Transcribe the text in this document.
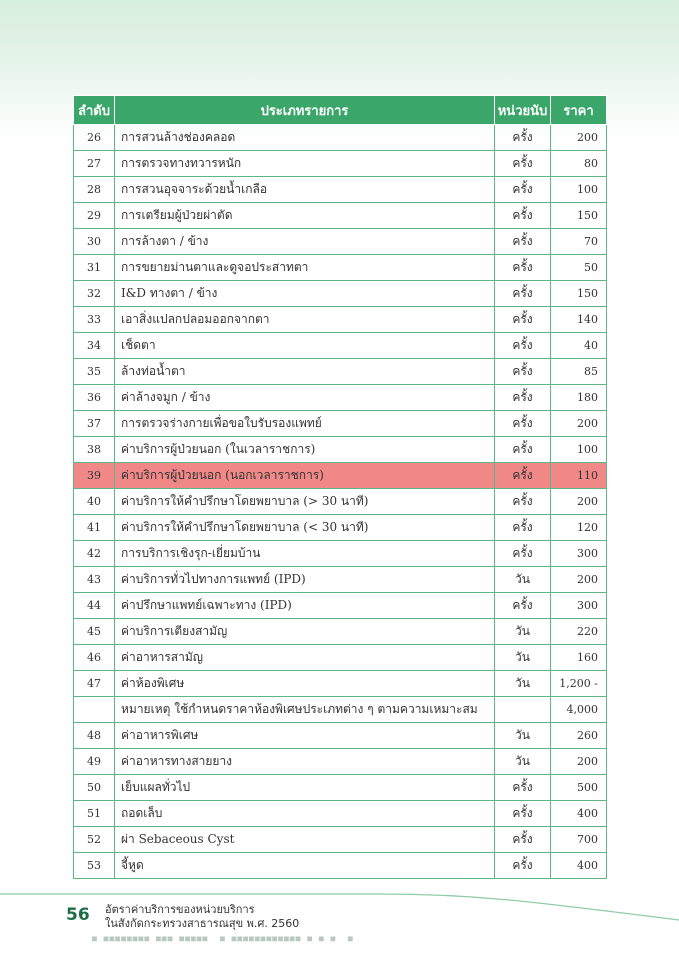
ลำดับ	ประเภทรายการ	หน่วยนับ	ราคา
26	การสวนล้างช่องคลอด	ครั้ง	200
27	การตรวจทางทวารหนัก	ครั้ง	80
28	การสวนอุจจาระด้วยน้ำเกลือ	ครั้ง	100
29	การเตรียมผู้ป่วยผ่าตัด	ครั้ง	150
30	การล้างตา / ข้าง	ครั้ง	70
31	การขยายม่านตาและดูจอประสาทตา	ครั้ง	50
32	I&D ทางตา / ข้าง	ครั้ง	150
33	เอาสิ่งแปลกปลอมออกจากตา	ครั้ง	140
34	เช็ดตา	ครั้ง	40
35	ล้างท่อน้ำตา	ครั้ง	85
36	ค่าล้างจมูก / ข้าง	ครั้ง	180
37	การตรวจร่างกายเพื่อขอใบรับรองแพทย์	ครั้ง	200
38	ค่าบริการผู้ป่วยนอก (ในเวลาราชการ)	ครั้ง	100
39	ค่าบริการผู้ป่วยนอก (นอกเวลาราชการ)	ครั้ง	110
40	ค่าบริการให้คำปรึกษาโดยพยาบาล (> 30 นาที)	ครั้ง	200
41	ค่าบริการให้คำปรึกษาโดยพยาบาล (< 30 นาที)	ครั้ง	120
42	การบริการเชิงรุก-เยี่ยมบ้าน	ครั้ง	300
43	ค่าบริการทั่วไปทางการแพทย์ (IPD)	วัน	200
44	ค่าปรึกษาแพทย์เฉพาะทาง (IPD)	ครั้ง	300
45	ค่าบริการเตียงสามัญ	วัน	220
46	ค่าอาหารสามัญ	วัน	160
47	ค่าห้องพิเศษ	วัน	1,200 -
	หมายเหตุ ใช้กำหนดราคาห้องพิเศษประเภทต่าง ๆ ตามความเหมาะสม		4,000
48	ค่าอาหารพิเศษ	วัน	260
49	ค่าอาหารทางสายยาง	วัน	200
50	เย็บแผลทั่วไป	ครั้ง	500
51	ถอดเล็บ	ครั้ง	400
52	ผ่า Sebaceous Cyst	ครั้ง	700
53	จี้หูด	ครั้ง	400
56 อัตราค่าบริการของหน่วยบริการ
ในสังกัดกระทรวงสาธารณสุข พ.ศ. 2560
■ ■■■■■■■■ ■■■ ■■■■■  ■ ■■■■■■■■■■■■ ■ ■ ■  ■
